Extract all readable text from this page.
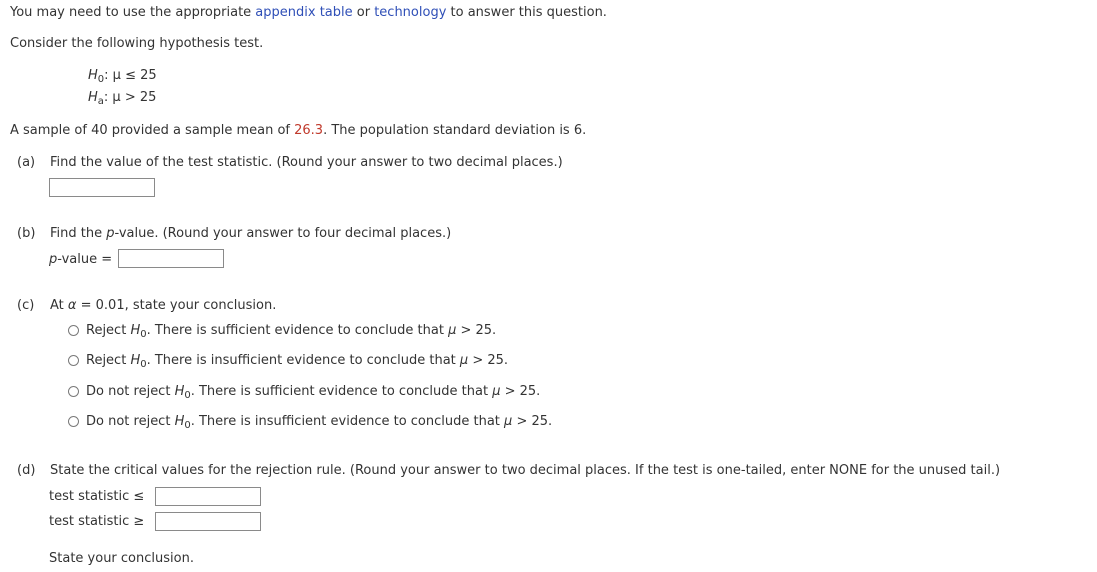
You may need to use the appropriate appendix table or technology to answer this question.
Consider the following hypothesis test.
$H_0$: μ ≤ 25
$H_a$: μ > 25
A sample of 40 provided a sample mean of 26.3. The population standard deviation is 6.
(a) Find the value of the test statistic. (Round your answer to two decimal places.)
(b) Find the p-value. (Round your answer to four decimal places.)
p-value =
(c) At α = 0.01, state your conclusion.
Reject $H_0$. There is sufficient evidence to conclude that μ > 25.
Reject $H_0$. There is insufficient evidence to conclude that μ > 25.
Do not reject $H_0$. There is sufficient evidence to conclude that μ > 25.
Do not reject $H_0$. There is insufficient evidence to conclude that μ > 25.
(d) State the critical values for the rejection rule. (Round your answer to two decimal places. If the test is one-tailed, enter NONE for the unused tail.)
test statistic ≤
test statistic ≥
State your conclusion.
